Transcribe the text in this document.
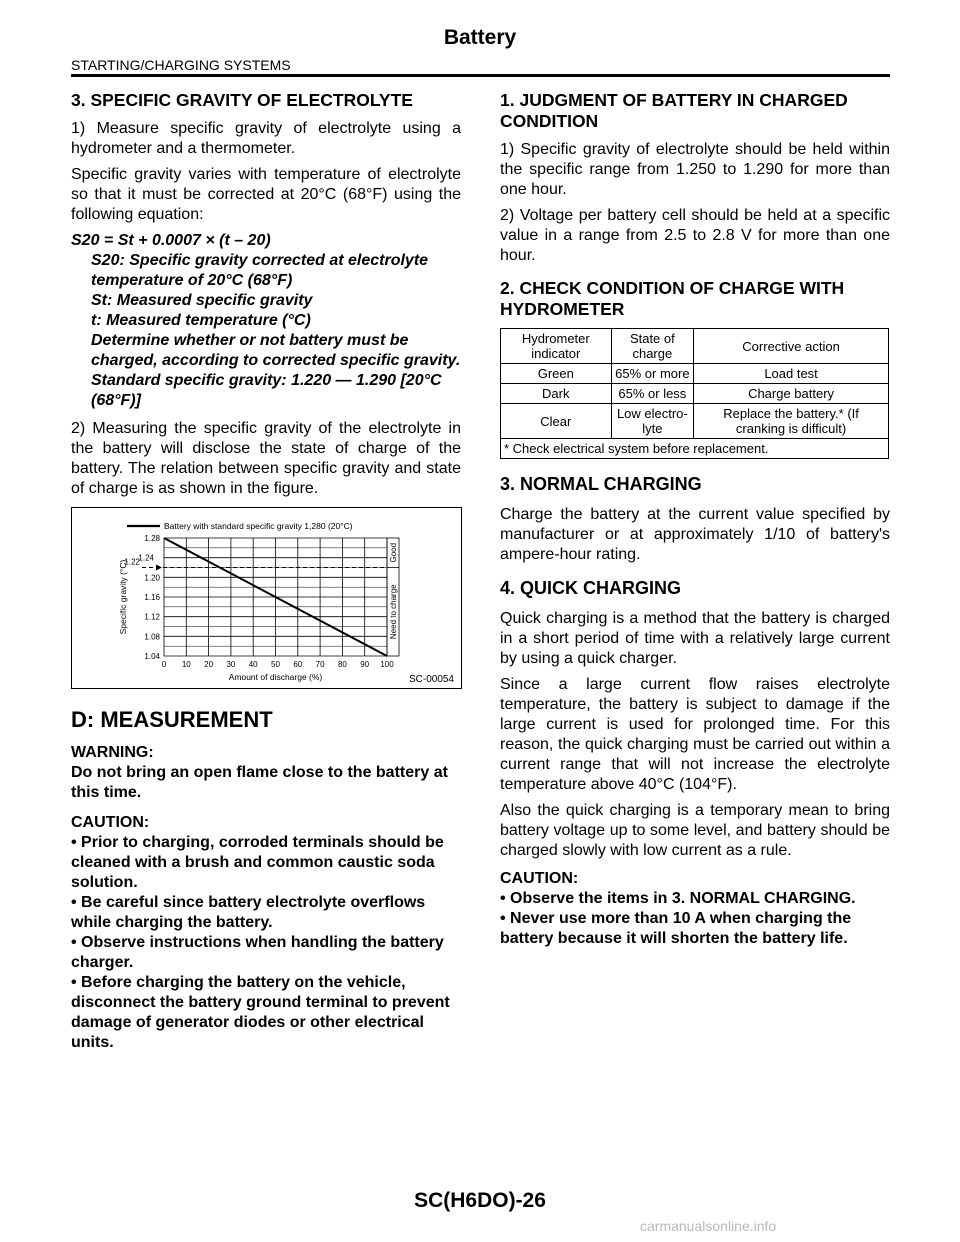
Battery
STARTING/CHARGING SYSTEMS
3. SPECIFIC GRAVITY OF ELECTROLYTE

1) Measure specific gravity of electrolyte using a hydrometer and a thermometer.

Specific gravity varies with temperature of electrolyte so that it must be corrected at 20°C (68°F) using the following equation:

S20 = St + 0.0007 × (t – 20)
S20: Specific gravity corrected at electrolyte temperature of 20°C (68°F)
St: Measured specific gravity
t: Measured temperature (°C)
Determine whether or not battery must be charged, according to corrected specific gravity.
Standard specific gravity: 1.220 — 1.290 [20°C (68°F)]

2) Measuring the specific gravity of the electrolyte in the battery will disclose the state of charge of the battery. The relation between specific gravity and state of charge is as shown in the figure.

0 10 20 30 40 50 60 70 80 90 100
1.28
1.24
1.20
1.16
1.12
1.08
1.04
Good
Need to charge
1.22
Battery with standard specific gravity 1,280 (20°C)
Amount of discharge (%)
Specific gravity (°C)
SC-00054
D: MEASUREMENT
WARNING:
Do not bring an open flame close to the battery at this time.
CAUTION:
• Prior to charging, corroded terminals should be cleaned with a brush and common caustic soda solution.
• Be careful since battery electrolyte overflows while charging the battery.
• Observe instructions when handling the battery charger.
• Before charging the battery on the vehicle, disconnect the battery ground terminal to prevent damage of generator diodes or other electrical units.
1. JUDGMENT OF BATTERY IN CHARGED CONDITION

1) Specific gravity of electrolyte should be held within the specific range from 1.250 to 1.290 for more than one hour.

2) Voltage per battery cell should be held at a specific value in a range from 2.5 to 2.8 V for more than one hour.

2. CHECK CONDITION OF CHARGE WITH HYDROMETER
Hydrometer indicator	State of charge	Corrective action
Green	65% or more	Load test
Dark	65% or less	Charge battery
Clear	Low electro-lyte	Replace the battery.* (If cranking is difficult)
* Check electrical system before replacement.		
3. NORMAL CHARGING

Charge the battery at the current value specified by manufacturer or at approximately 1/10 of battery's ampere-hour rating.

4. QUICK CHARGING

Quick charging is a method that the battery is charged in a short period of time with a relatively large current by using a quick charger.

Since a large current flow raises electrolyte temperature, the battery is subject to damage if the large current is used for prolonged time. For this reason, the quick charging must be carried out within a current range that will not increase the electrolyte temperature above 40°C (104°F).

Also the quick charging is a temporary mean to bring battery voltage up to some level, and battery should be charged slowly with low current as a rule.

CAUTION:
• Observe the items in 3. NORMAL CHARGING.
• Never use more than 10 A when charging the battery because it will shorten the battery life.
SC(H6DO)-26
carmanualsonline.info
